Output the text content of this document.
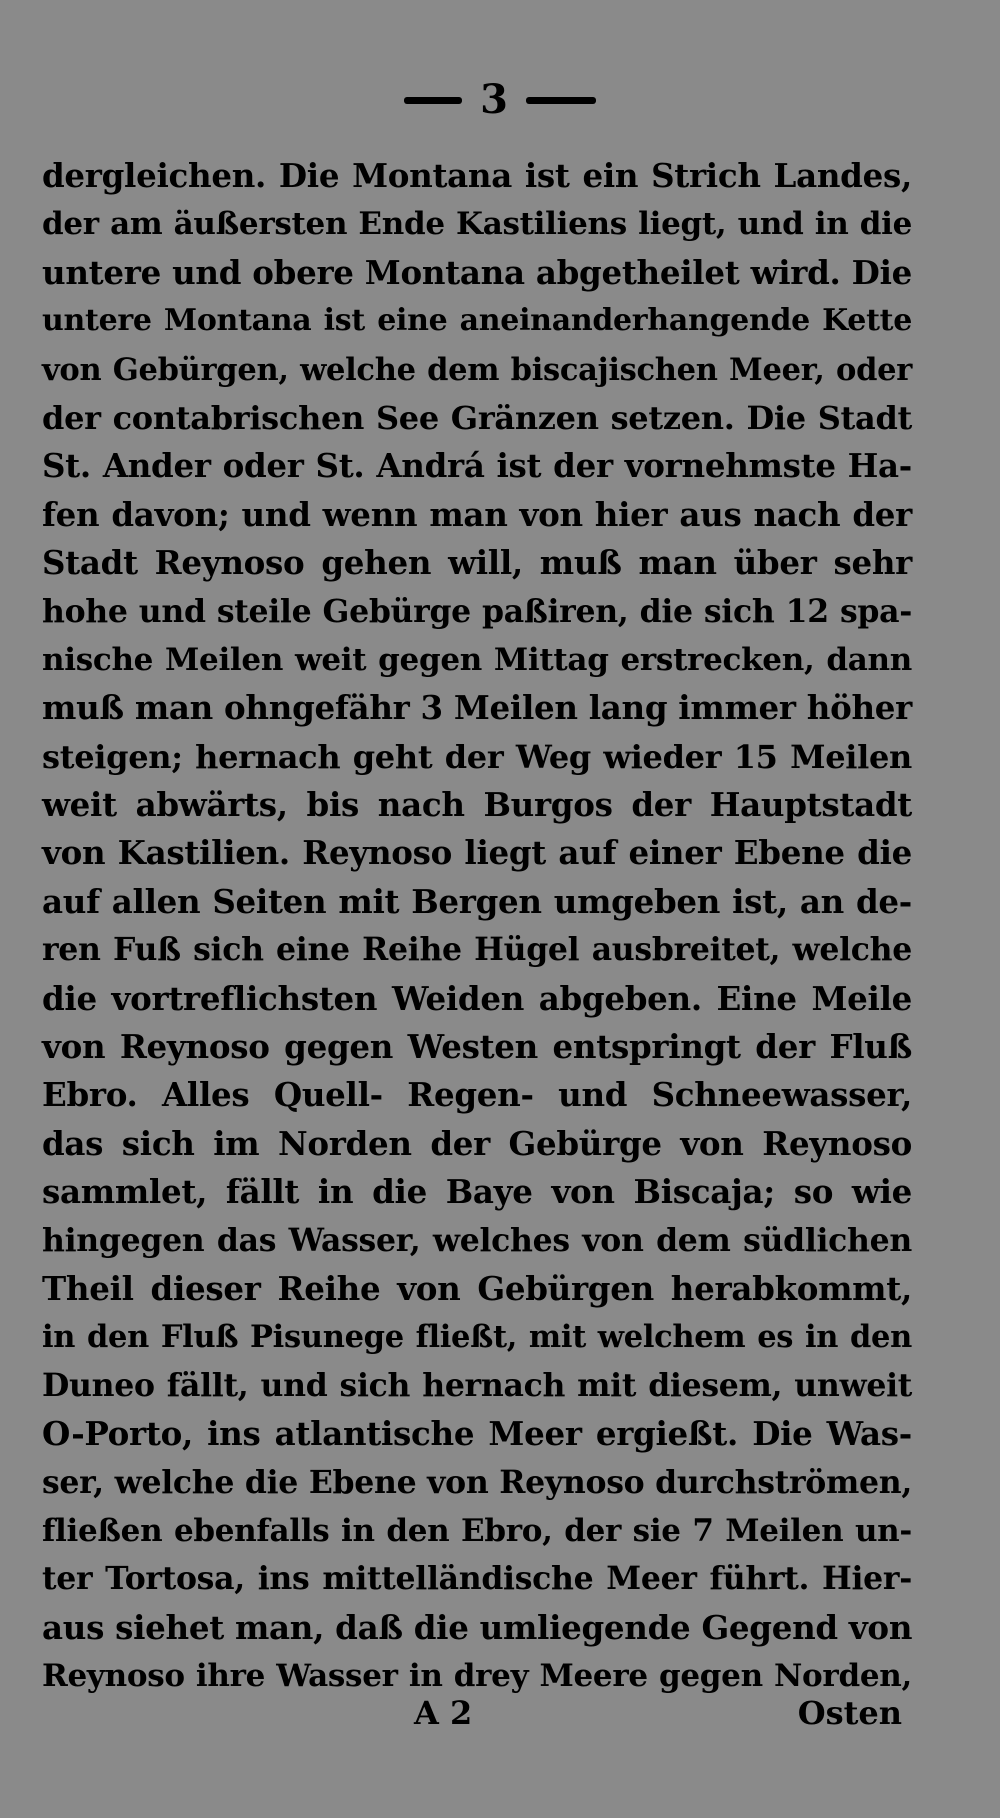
3
dergleichen. Die Montana ist ein Strich Landes,
der am äußersten Ende Kastiliens liegt, und in die
untere und obere Montana abgetheilet wird. Die
untere Montana ist eine aneinanderhangende Kette
von Gebürgen, welche dem biscajischen Meer, oder
der contabrischen See Gränzen setzen. Die Stadt
St. Ander oder St. Andrá ist der vornehmste Ha-
fen davon; und wenn man von hier aus nach der
Stadt Reynoso gehen will, muß man über sehr
hohe und steile Gebürge paßiren, die sich 12 spa-
nische Meilen weit gegen Mittag erstrecken, dann
muß man ohngefähr 3 Meilen lang immer höher
steigen; hernach geht der Weg wieder 15 Meilen
weit abwärts, bis nach Burgos der Hauptstadt
von Kastilien. Reynoso liegt auf einer Ebene die
auf allen Seiten mit Bergen umgeben ist, an de-
ren Fuß sich eine Reihe Hügel ausbreitet, welche
die vortreflichsten Weiden abgeben. Eine Meile
von Reynoso gegen Westen entspringt der Fluß
Ebro. Alles Quell- Regen- und Schneewasser,
das sich im Norden der Gebürge von Reynoso
sammlet, fällt in die Baye von Biscaja; so wie
hingegen das Wasser, welches von dem südlichen
Theil dieser Reihe von Gebürgen herabkommt,
in den Fluß Pisunege fließt, mit welchem es in den
Duneo fällt, und sich hernach mit diesem, unweit
O-Porto, ins atlantische Meer ergießt. Die Was-
ser, welche die Ebene von Reynoso durchströmen,
fließen ebenfalls in den Ebro, der sie 7 Meilen un-
ter Tortosa, ins mittelländische Meer führt. Hier-
aus siehet man, daß die umliegende Gegend von
Reynoso ihre Wasser in drey Meere gegen Norden,
A 2	Osten
